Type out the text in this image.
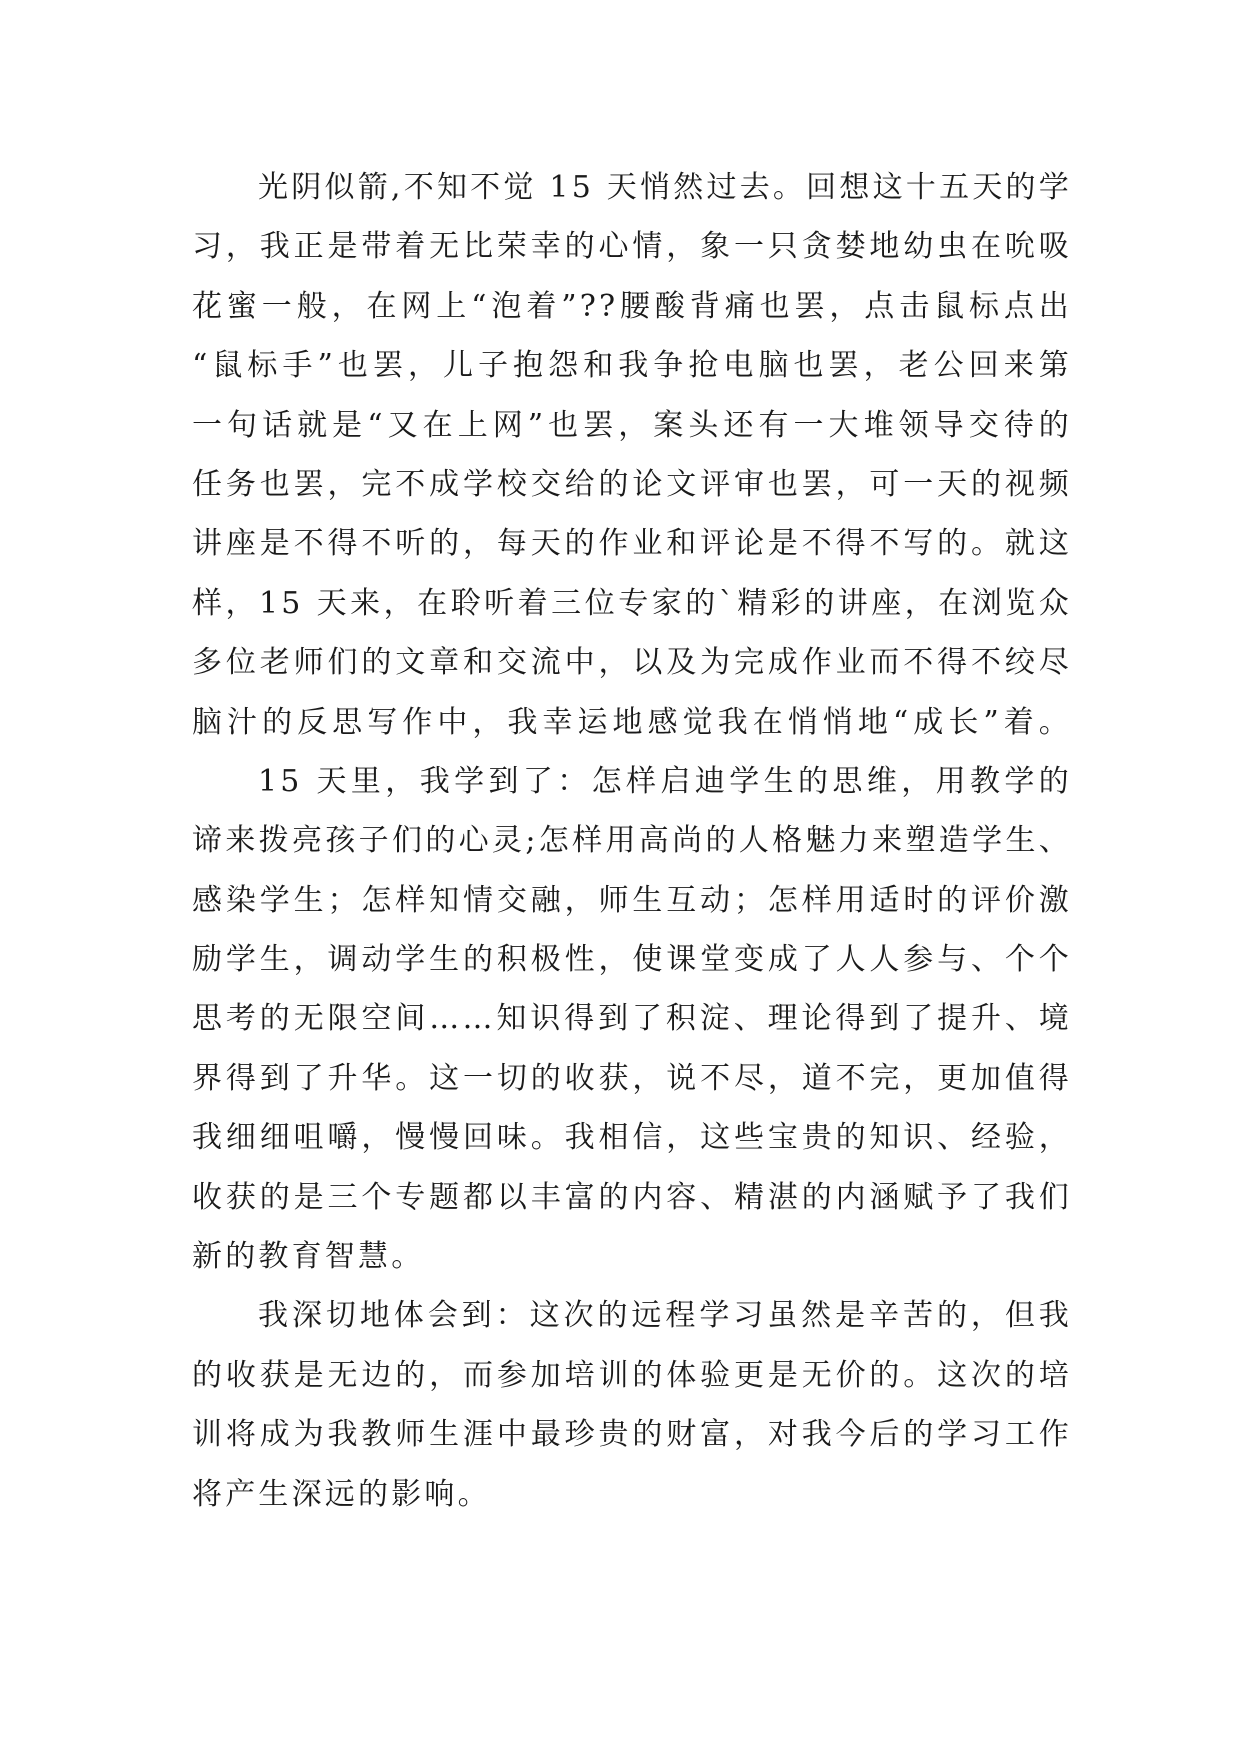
光阴似箭,不知不觉 15 天悄然过去。回想这十五天的学
习，我正是带着无比荣幸的心情，象一只贪婪地幼虫在吮吸
花蜜一般，在网上“泡着”??腰酸背痛也罢，点击鼠标点出
“鼠标手”也罢，儿子抱怨和我争抢电脑也罢，老公回来第
一句话就是“又在上网”也罢，案头还有一大堆领导交待的
任务也罢，完不成学校交给的论文评审也罢，可一天的视频
讲座是不得不听的，每天的作业和评论是不得不写的。就这
样，15 天来，在聆听着三位专家的`精彩的讲座，在浏览众
多位老师们的文章和交流中，以及为完成作业而不得不绞尽
脑汁的反思写作中，我幸运地感觉我在悄悄地“成长”着。
15 天里，我学到了：怎样启迪学生的思维，用教学的
谛来拨亮孩子们的心灵;怎样用高尚的人格魅力来塑造学生、
感染学生；怎样知情交融，师生互动；怎样用适时的评价激
励学生，调动学生的积极性，使课堂变成了人人参与、个个
思考的无限空间……知识得到了积淀、理论得到了提升、境
界得到了升华。这一切的收获，说不尽，道不完，更加值得
我细细咀嚼，慢慢回味。我相信，这些宝贵的知识、经验，
收获的是三个专题都以丰富的内容、精湛的内涵赋予了我们
新的教育智慧。
我深切地体会到：这次的远程学习虽然是辛苦的，但我
的收获是无边的，而参加培训的体验更是无价的。这次的培
训将成为我教师生涯中最珍贵的财富，对我今后的学习工作
将产生深远的影响。
